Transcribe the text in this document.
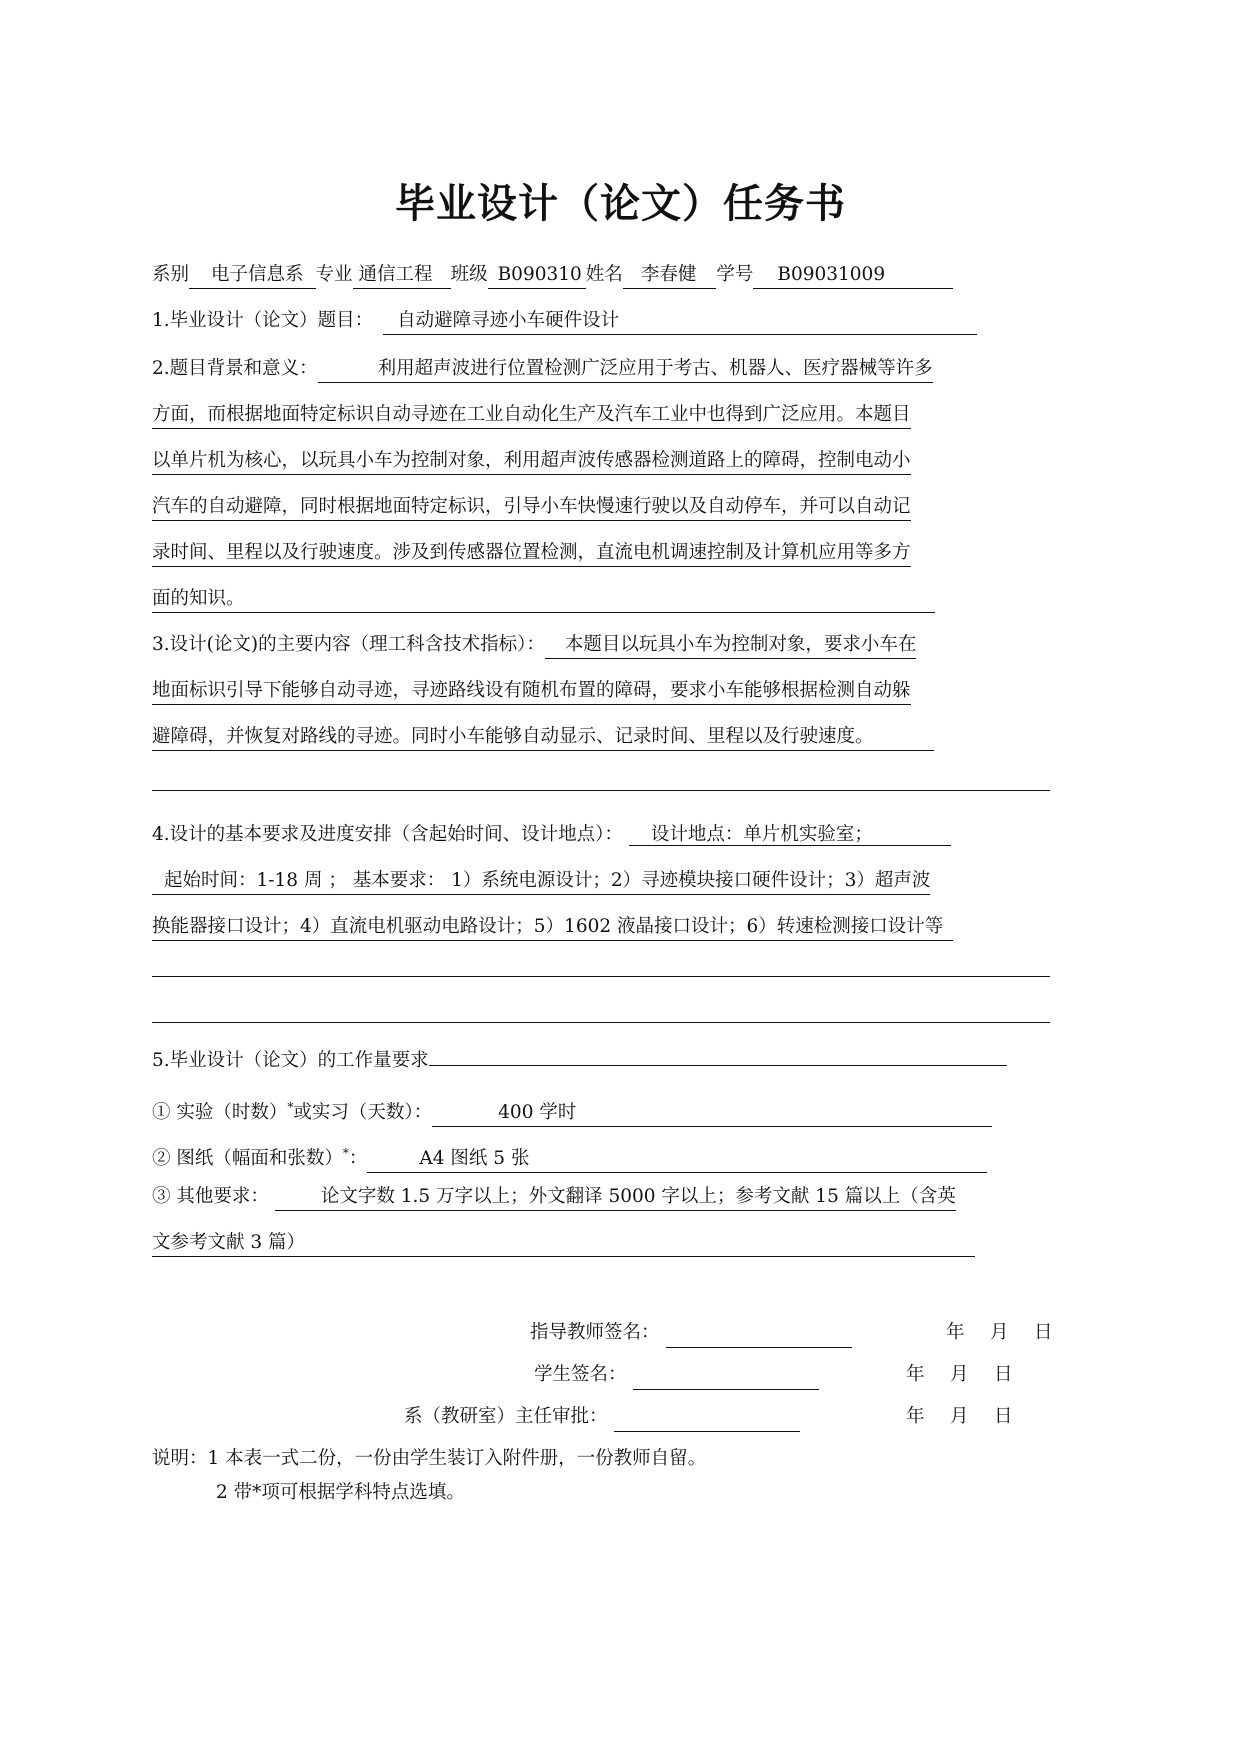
毕业设计（论文）任务书
系别 电子信息系 专业 通信工程 班级 B090310 姓名 李春健 学号 B09031009
1.毕业设计（论文）题目： 自动避障寻迹小车硬件设计
2.题目背景和意义：	利用超声波进行位置检测广泛应用于考古、机器人、医疗器械等许多
方面，而根据地面特定标识自动寻迹在工业自动化生产及汽车工业中也得到广泛应用。本题目
以单片机为核心，以玩具小车为控制对象，利用超声波传感器检测道路上的障碍，控制电动小
汽车的自动避障，同时根据地面特定标识，引导小车快慢速行驶以及自动停车，并可以自动记
录时间、里程以及行驶速度。涉及到传感器位置检测，直流电机调速控制及计算机应用等多方
面的知识。
3.设计(论文)的主要内容（理工科含技术指标）： 本题目以玩具小车为控制对象，要求小车在
地面标识引导下能够自动寻迹，寻迹路线设有随机布置的障碍，要求小车能够根据检测自动躲
避障碍，并恢复对路线的寻迹。同时小车能够自动显示、记录时间、里程以及行驶速度。
4.设计的基本要求及进度安排（含起始时间、设计地点）： 设计地点：单片机实验室；
起始时间：1-18 周 ； 基本要求： 1）系统电源设计；2）寻迹模块接口硬件设计；3）超声波
换能器接口设计；4）直流电机驱动电路设计；5）1602 液晶接口设计；6）转速检测接口设计等
5.毕业设计（论文）的工作量要求
① 实验（时数）*或实习（天数）：	400 学时
② 图纸（幅面和张数）*：	A4 图纸 5 张
③ 其他要求：	论文字数 1.5 万字以上；外文翻译 5000 字以上；参考文献 15 篇以上（含英
文参考文献 3 篇）
指导教师签名：	年 月 日
学生签名：	年 月 日
系（教研室）主任审批：	年 月 日
说明：1 本表一式二份，一份由学生装订入附件册，一份教师自留。
2 带*项可根据学科特点选填。
